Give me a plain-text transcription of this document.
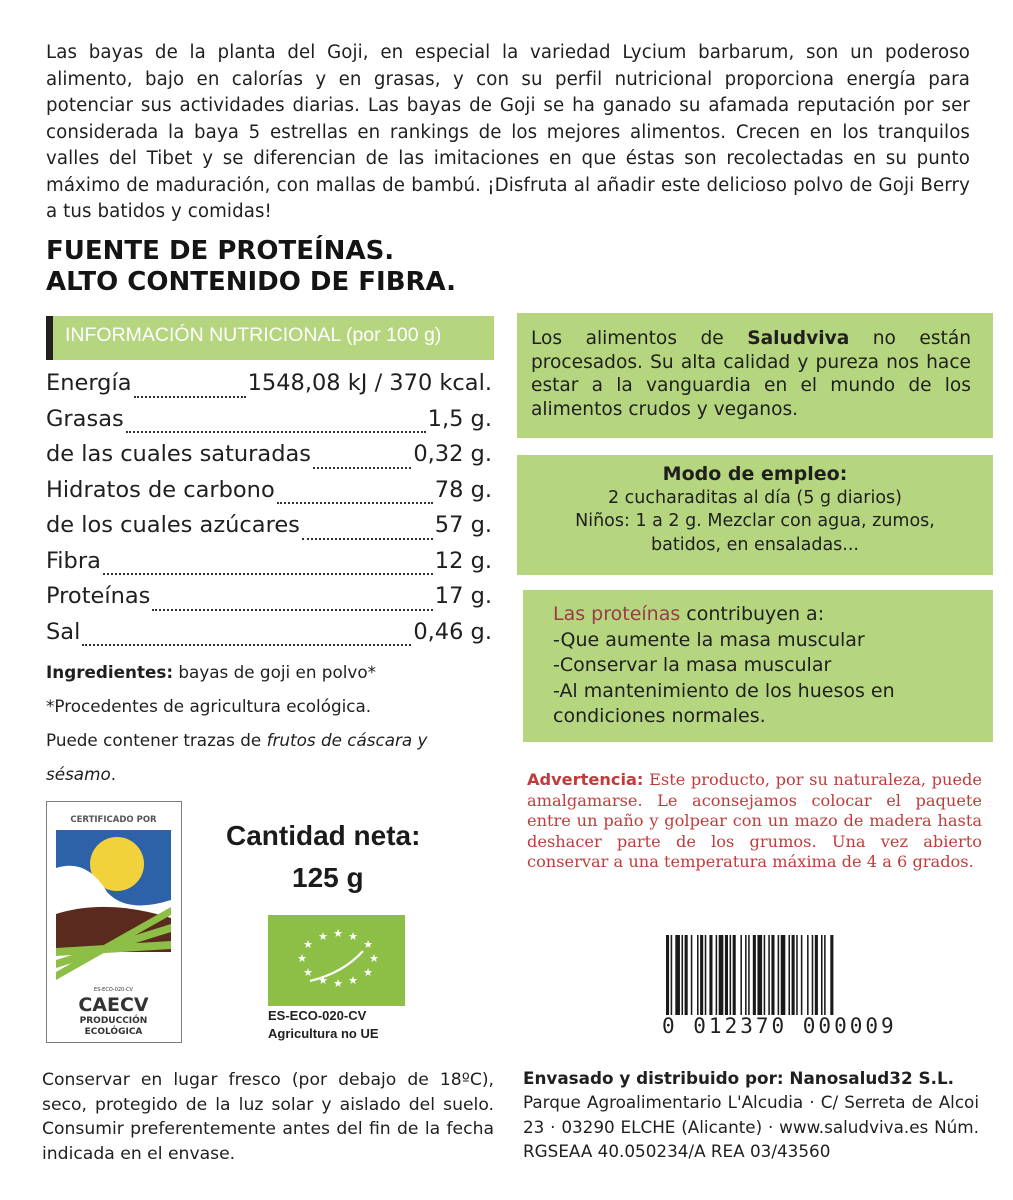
Las bayas de la planta del Goji, en especial la variedad Lycium barbarum, son un poderoso alimento, bajo en calorías y en grasas, y con su perfil nutricional proporciona energía para potenciar sus actividades diarias. Las bayas de Goji se ha ganado su afamada reputación por ser considerada la baya 5 estrellas en rankings de los mejores alimentos. Crecen en los tranquilos valles del Tibet y se diferencian de las imitaciones en que éstas son recolectadas en su punto máximo de maduración, con mallas de bambú. ¡Disfruta al añadir este delicioso polvo de Goji Berry a tus batidos y comidas!
FUENTE DE PROTEÍNAS.
ALTO CONTENIDO DE FIBRA.
INFORMACIÓN NUTRICIONAL (por 100 g)
Energía	1548,08 kJ / 370 kcal.
Grasas	1,5 g.
de las cuales saturadas	0,32 g.
Hidratos de carbono	78 g.
de los cuales azúcares	57 g.
Fibra	12 g.
Proteínas	17 g.
Sal	0,46 g.
Ingredientes: bayas de goji en polvo*
*Procedentes de agricultura ecológica.
Puede contener trazas de frutos de cáscara y sésamo.
Los alimentos de Saludviva no están procesados. Su alta calidad y pureza nos hace estar a la vanguardia en el mundo de los alimentos crudos y veganos.
Modo de empleo:
2 cucharaditas al día (5 g diarios)
Niños: 1 a 2 g. Mezclar con agua, zumos,
batidos, en ensaladas...
Las proteínas contribuyen a:
-Que aumente la masa muscular
-Conservar la masa muscular
-Al mantenimiento de los huesos en condiciones normales.
Advertencia: Este producto, por su naturaleza, puede amalgamarse. Le aconsejamos colocar el paquete entre un paño y golpear con un mazo de madera hasta deshacer parte de los grumos. Una vez abierto conservar a una temperatura máxima de 4 a 6 grados.
CERTIFICADO POR
ES-ECO-020-CV
CAECV
PRODUCCIÓN
ECOLÓGICA
Cantidad neta:
125 g
★
★ ★ ★
★
★
★
★
★
★
★
★
ES-ECO-020-CV
Agricultura no UE	0 012370 000009
Conservar en lugar fresco (por debajo de 18ºC), seco, protegido de la luz solar y aislado del suelo. Consumir preferentemente antes del fin de la fecha indicada en el envase.
Envasado y distribuido por: Nanosalud32 S.L.
Parque Agroalimentario L'Alcudia · C/ Serreta de Alcoi 23 · 03290 ELCHE (Alicante) · www.saludviva.es Núm. RGSEAA 40.050234/A REA 03/43560
